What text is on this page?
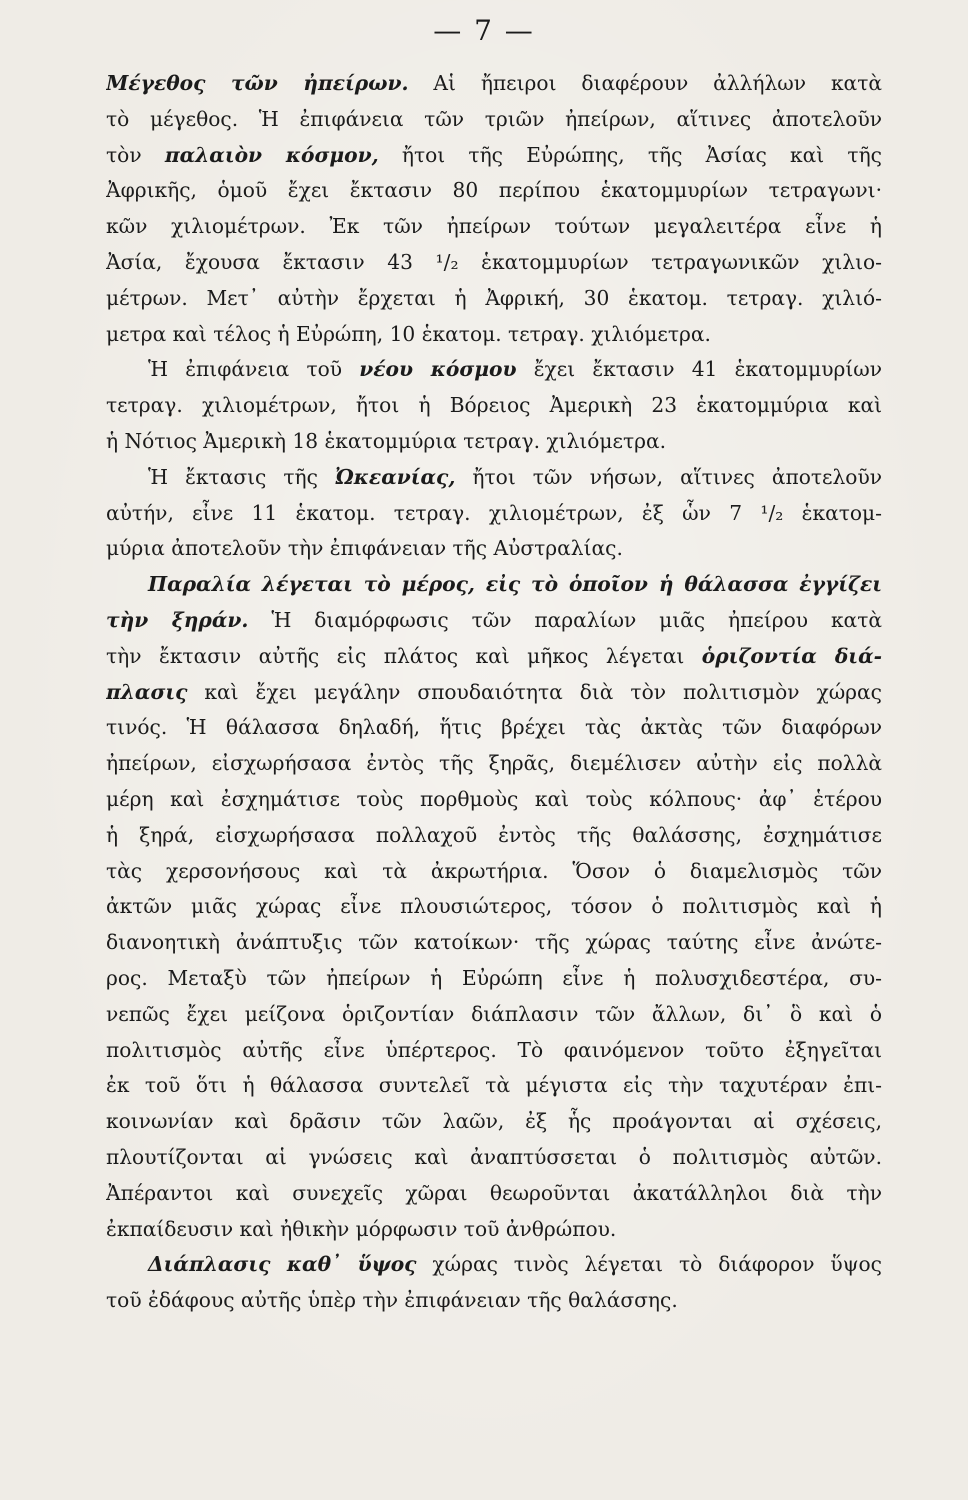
— 7 —
Μέγεθος τῶν ἠπείρων. Αἱ ἤπειροι διαφέρουν ἀλλήλων κατὰ
τὸ μέγεθος. Ἡ ἐπιφάνεια τῶν τριῶν ἠπείρων, αἵτινες ἀποτελοῦν
τὸν παλαιὸν κόσμον, ἤτοι τῆς Εὐρώπης, τῆς Ἀσίας καὶ τῆς
Ἀφρικῆς, ὁμοῦ ἔχει ἔκτασιν 80 περίπου ἑκατομμυρίων τετραγωνι·
κῶν χιλιομέτρων. Ἐκ τῶν ἠπείρων τούτων μεγαλειτέρα εἶνε ἡ
Ἀσία, ἔχουσα ἔκτασιν 43 ¹/₂ ἑκατομμυρίων τετραγωνικῶν χιλιο-
μέτρων. Μετ᾽ αὐτὴν ἔρχεται ἡ Ἀφρική, 30 ἑκατομ. τετραγ. χιλιό-
μετρα καὶ τέλος ἡ Εὐρώπη, 10 ἑκατομ. τετραγ. χιλιόμετρα.
Ἡ ἐπιφάνεια τοῦ νέου κόσμου ἔχει ἔκτασιν 41 ἑκατομμυρίων
τετραγ. χιλιομέτρων, ἤτοι ἡ Βόρειος Ἀμερικὴ 23 ἑκατομμύρια καὶ
ἡ Νότιος Ἀμερικὴ 18 ἑκατομμύρια τετραγ. χιλιόμετρα.
Ἡ ἔκτασις τῆς Ὠκεανίας, ἤτοι τῶν νήσων, αἵτινες ἀποτελοῦν
αὐτήν, εἶνε 11 ἑκατομ. τετραγ. χιλιομέτρων, ἐξ ὧν 7 ¹/₂ ἑκατομ-
μύρια ἀποτελοῦν τὴν ἐπιφάνειαν τῆς Αὐστραλίας.
Παραλία λέγεται τὸ μέρος, εἰς τὸ ὁποῖον ἡ θάλασσα ἐγγίζει
τὴν ξηράν. Ἡ διαμόρφωσις τῶν παραλίων μιᾶς ἠπείρου κατὰ
τὴν ἔκτασιν αὐτῆς εἰς πλάτος καὶ μῆκος λέγεται ὁριζοντία διά-
πλασις καὶ ἔχει μεγάλην σπουδαιότητα διὰ τὸν πολιτισμὸν χώρας
τινός. Ἡ θάλασσα δηλαδή, ἥτις βρέχει τὰς ἀκτὰς τῶν διαφόρων
ἠπείρων, εἰσχωρήσασα ἐντὸς τῆς ξηρᾶς, διεμέλισεν αὐτὴν εἰς πολλὰ
μέρη καὶ ἐσχημάτισε τοὺς πορθμοὺς καὶ τοὺς κόλπους· ἀφ᾽ ἑτέρου
ἡ ξηρά, εἰσχωρήσασα πολλαχοῦ ἐντὸς τῆς θαλάσσης, ἐσχημάτισε
τὰς χερσονήσους καὶ τὰ ἀκρωτήρια. Ὅσον ὁ διαμελισμὸς τῶν
ἀκτῶν μιᾶς χώρας εἶνε πλουσιώτερος, τόσον ὁ πολιτισμὸς καὶ ἡ
διανοητικὴ ἀνάπτυξις τῶν κατοίκων· τῆς χώρας ταύτης εἶνε ἀνώτε-
ρος. Μεταξὺ τῶν ἠπείρων ἡ Εὐρώπη εἶνε ἡ πολυσχιδεστέρα, συ-
νεπῶς ἔχει μείζονα ὁριζοντίαν διάπλασιν τῶν ἄλλων, δι᾽ ὃ καὶ ὁ
πολιτισμὸς αὐτῆς εἶνε ὑπέρτερος. Τὸ φαινόμενον τοῦτο ἐξηγεῖται
ἐκ τοῦ ὅτι ἡ θάλασσα συντελεῖ τὰ μέγιστα εἰς τὴν ταχυτέραν ἐπι-
κοινωνίαν καὶ δρᾶσιν τῶν λαῶν, ἐξ ἧς προάγονται αἱ σχέσεις,
πλουτίζονται αἱ γνώσεις καὶ ἀναπτύσσεται ὁ πολιτισμὸς αὐτῶν.
Ἀπέραντοι καὶ συνεχεῖς χῶραι θεωροῦνται ἀκατάλληλοι διὰ τὴν
ἐκπαίδευσιν καὶ ἠθικὴν μόρφωσιν τοῦ ἀνθρώπου.
Διάπλασις καθ᾽ ὕψος χώρας τινὸς λέγεται τὸ διάφορον ὕψος
τοῦ ἐδάφους αὐτῆς ὑπὲρ τὴν ἐπιφάνειαν τῆς θαλάσσης.
